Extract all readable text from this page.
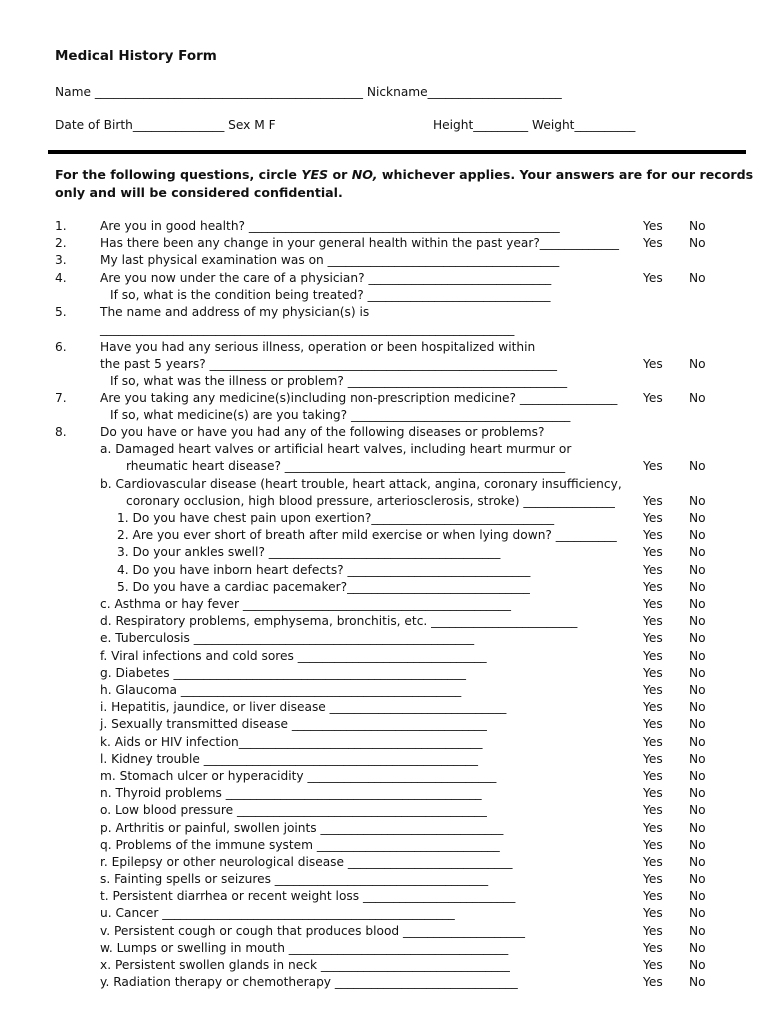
Medical History Form
Name ____________________________________________ Nickname______________________
Date of Birth_______________ Sex M F	Height_________ Weight__________
For the following questions, circle YES or NO, whichever applies. Your answers are for our records only and will be considered confidential.
1.	Are you in good health? ___________________________________________________	Yes No
2.	Has there been any change in your general health within the past year?_____________ Yes No
3.	My last physical examination was on ______________________________________
4.	Are you now under the care of a physician? ______________________________	Yes No
If so, what is the condition being treated? ______________________________
5.	The name and address of my physician(s) is
____________________________________________________________________
6.	Have you had any serious illness, operation or been hospitalized within
the past 5 years? _________________________________________________________	Yes No
If so, what was the illness or problem? ____________________________________
7.	Are you taking any medicine(s)including non-prescription medicine? ________________ Yes No
If so, what medicine(s) are you taking? ____________________________________
8.	Do you have or have you had any of the following diseases or problems?
a. Damaged heart valves or artificial heart valves, including heart murmur or
rheumatic heart disease? ______________________________________________	Yes No
b. Cardiovascular disease (heart trouble, heart attack, angina, coronary insufficiency,
coronary occlusion, high blood pressure, arteriosclerosis, stroke) _______________ Yes No
1. Do you have chest pain upon exertion?______________________________	Yes No
2. Are you ever short of breath after mild exercise or when lying down? __________ Yes No
3. Do your ankles swell? ______________________________________	Yes No
4. Do you have inborn heart defects? ______________________________	Yes No
5. Do you have a cardiac pacemaker?______________________________	Yes No
c. Asthma or hay fever ____________________________________________	Yes No
d. Respiratory problems, emphysema, bronchitis, etc. ________________________	Yes No
e. Tuberculosis ______________________________________________	Yes No
f. Viral infections and cold sores _______________________________	Yes No
g. Diabetes ________________________________________________	Yes No
h. Glaucoma ______________________________________________	Yes No
i. Hepatitis, jaundice, or liver disease _____________________________	Yes No
j. Sexually transmitted disease ________________________________	Yes No
k. Aids or HIV infection________________________________________	Yes No
l. Kidney trouble _____________________________________________	Yes No
m. Stomach ulcer or hyperacidity _______________________________	Yes No
n. Thyroid problems __________________________________________	Yes No
o. Low blood pressure _________________________________________	Yes No
p. Arthritis or painful, swollen joints ______________________________	Yes No
q. Problems of the immune system ______________________________	Yes No
r. Epilepsy or other neurological disease ___________________________	Yes No
s. Fainting spells or seizures ___________________________________	Yes No
t. Persistent diarrhea or recent weight loss _________________________	Yes No
u. Cancer ________________________________________________	Yes No
v. Persistent cough or cough that produces blood ____________________	Yes No
w. Lumps or swelling in mouth ____________________________________	Yes No
x. Persistent swollen glands in neck _______________________________	Yes No
y. Radiation therapy or chemotherapy ______________________________	Yes No
